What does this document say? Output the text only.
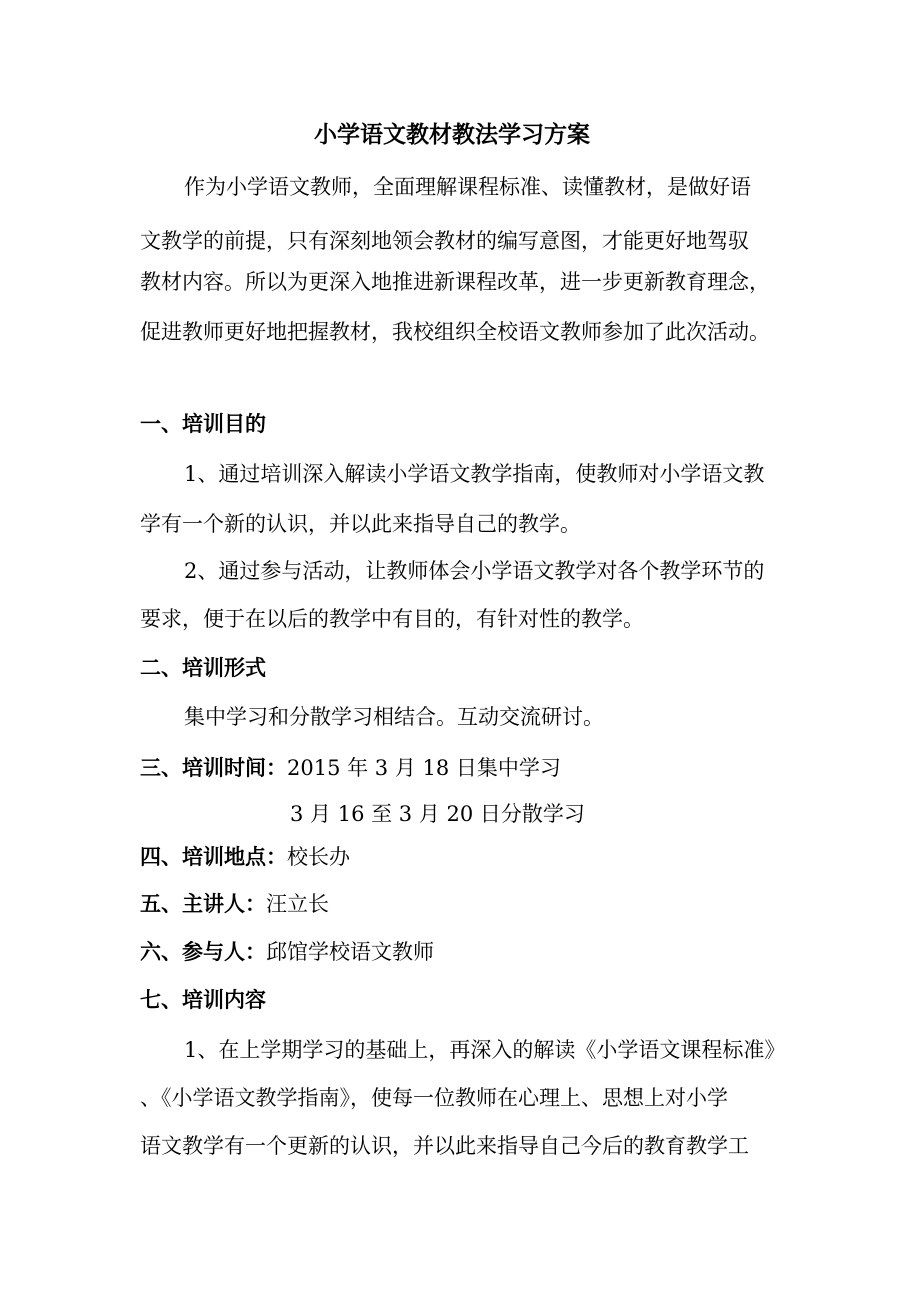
小学语文教材教法学习方案
作为小学语文教师，全面理解课程标准、读懂教材，是做好语
文教学的前提，只有深刻地领会教材的编写意图，才能更好地驾驭
教材内容。所以为更深入地推进新课程改革，进一步更新教育理念，
促进教师更好地把握教材，我校组织全校语文教师参加了此次活动。
一、培训目的
1、通过培训深入解读小学语文教学指南，使教师对小学语文教
学有一个新的认识，并以此来指导自己的教学。
2、通过参与活动，让教师体会小学语文教学对各个教学环节的
要求，便于在以后的教学中有目的，有针对性的教学。
二、培训形式
集中学习和分散学习相结合。互动交流研讨。
三、培训时间：2015 年 3 月 18 日集中学习
3 月 16 至 3 月 20 日分散学习
四、培训地点：校长办
五、主讲人：汪立长
六、参与人：邱馆学校语文教师
七、培训内容
1、在上学期学习的基础上，再深入的解读《小学语文课程标准》
、《小学语文教学指南》，使每一位教师在心理上、思想上对小学
语文教学有一个更新的认识，并以此来指导自己今后的教育教学工
